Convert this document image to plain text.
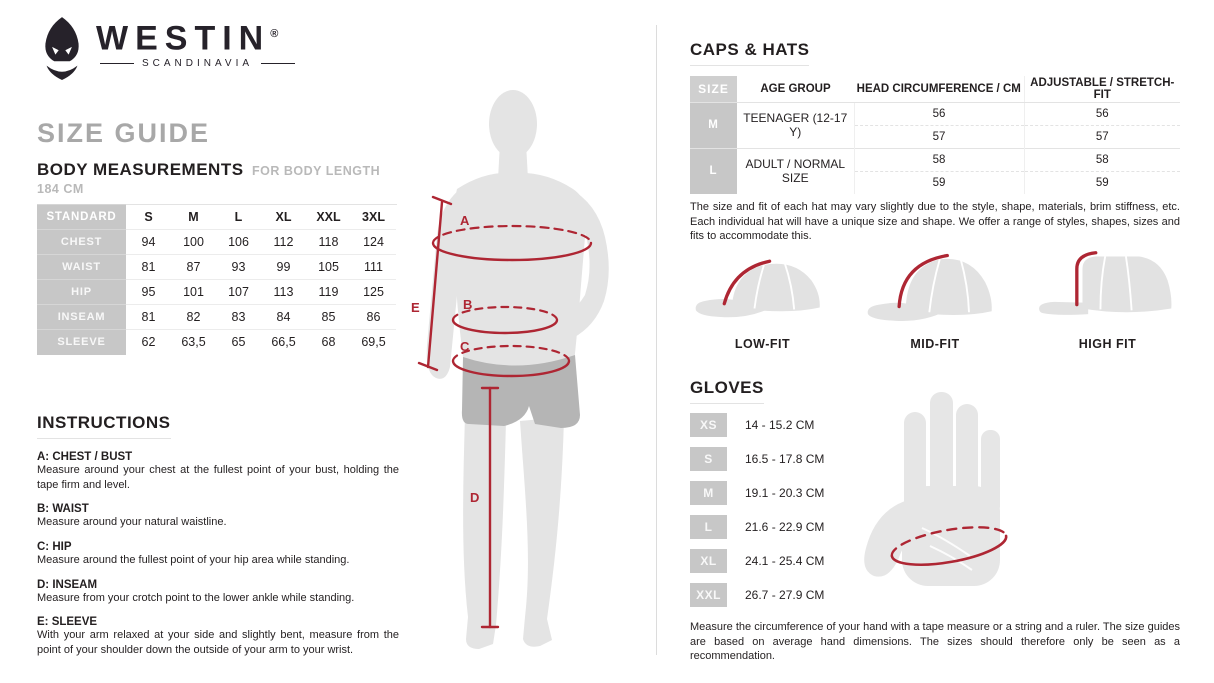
WESTIN®
SCANDINAVIA
SIZE GUIDE
BODY MEASUREMENTS FOR BODY LENGTH 184 CM
STANDARD	S	M	L	XL	XXL	3XL
CHEST	94	100	106	112	118	124
WAIST	81	87	93	99	105	111
HIP	95	101	107	113	119	125
INSEAM	81	82	83	84	85	86
SLEEVE	62	63,5	65	66,5	68	69,5
INSTRUCTIONS
A: CHEST / BUST
Measure around your chest at the fullest point of your bust, holding the tape firm and level.
B: WAIST
Measure around your natural waistline.
C: HIP
Measure around the fullest point of your hip area while standing.
D: INSEAM
Measure from your crotch point to the lower ankle while standing.
E: SLEEVE
With your arm relaxed at your side and slightly bent, measure from the point of your shoulder down the outside of your arm to your wrist.
A
B
C
D
E
CAPS & HATS
SIZE	AGE GROUP	HEAD CIRCUMFERENCE / CM	ADJUSTABLE / STRETCH-FIT
M	TEENAGER (12-17 Y)	56	56
		57	57
L	ADULT / NORMAL SIZE	58	58
		59	59

The size and fit of each hat may vary slightly due to the style, shape, materials, brim stiffness, etc. Each individual hat will have a unique size and shape. We offer a range of styles, shapes, sizes and fits to accommodate this.

LOW-FIT	MID-FIT	HIGH FIT
GLOVES
XS	14 - 15.2 CM
S	16.5 - 17.8 CM
M	19.1 - 20.3 CM
L	21.6 - 22.9 CM
XL	24.1 - 25.4 CM
XXL	26.7 - 27.9 CM

Measure the circumference of your hand with a tape measure or a string and a ruler. The size guides are based on average hand dimensions. The sizes should therefore only be seen as a recommendation.
